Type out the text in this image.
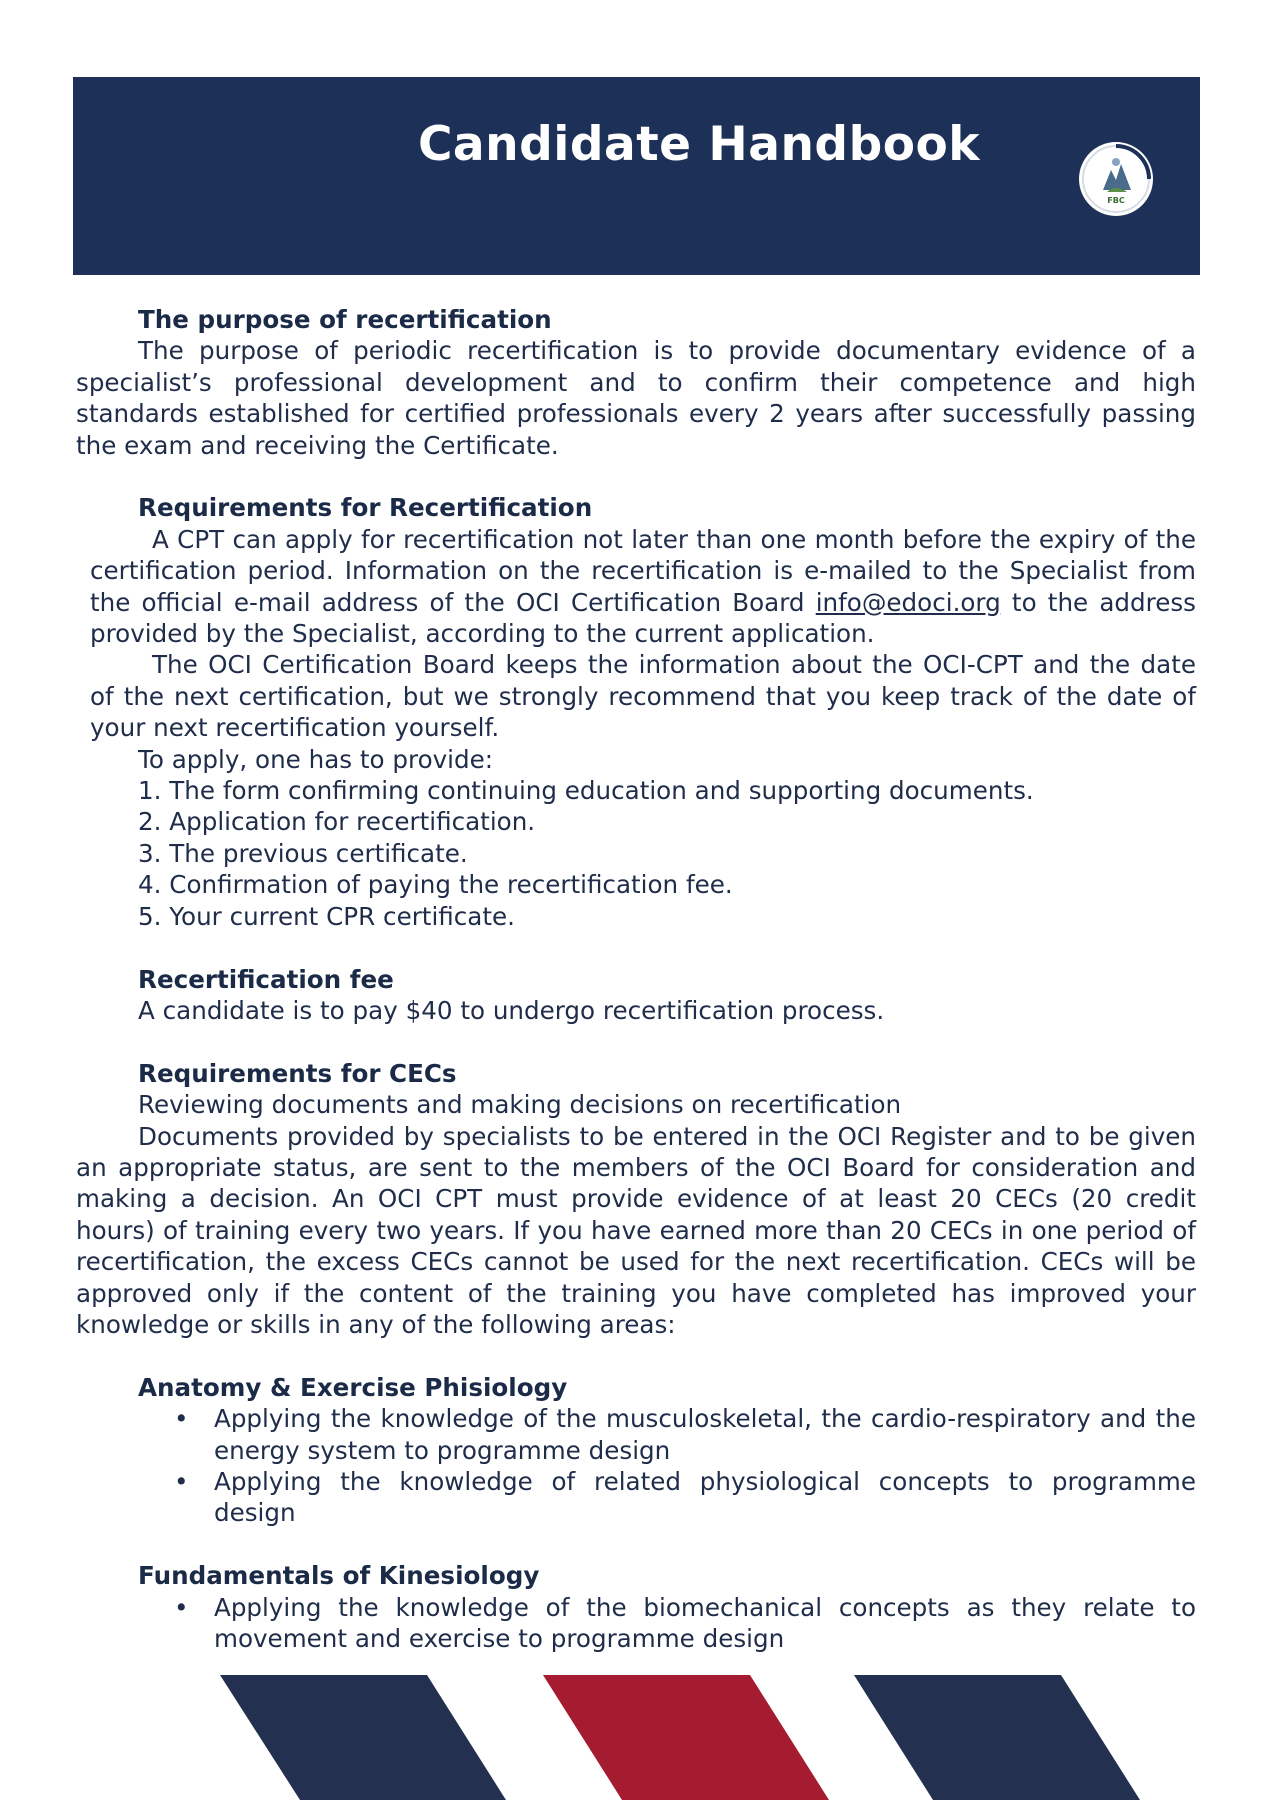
Candidate Handbook
FBC

The purpose of recertification

The purpose of periodic recertification is to provide documentary evidence of a specialist’s professional development and to confirm their competence and high standards established for certified professionals every 2 years after successfully passing the exam and receiving the Certificate.

Requirements for Recertification

A CPT can apply for recertification not later than one month before the expiry of the certification period. Information on the recertification is e-mailed to the Specialist from the official e-mail address of the OCI Certification Board info@edoci.org to the address provided by the Specialist, according to the current application.

The OCI Certification Board keeps the information about the OCI-CPT and the date of the next certification, but we strongly recommend that you keep track of the date of your next recertification yourself.

To apply, one has to provide:

1. The form confirming continuing education and supporting documents.

2. Application for recertification.

3. The previous certificate.

4. Confirmation of paying the recertification fee.

5. Your current CPR certificate.

Recertification fee

A candidate is to pay $40 to undergo recertification process.

Requirements for CECs

Reviewing documents and making decisions on recertification

Documents provided by specialists to be entered in the OCI Register and to be given an appropriate status, are sent to the members of the OCI Board for consideration and making a decision. An OCI CPT must provide evidence of at least 20 CECs (20 credit hours) of training every two years. If you have earned more than 20 CECs in one period of recertification, the excess CECs cannot be used for the next recertification. CECs will be approved only if the content of the training you have completed has improved your knowledge or skills in any of the following areas:

Anatomy & Exercise Phisiology

• Applying the knowledge of the musculoskeletal, the cardio-respiratory and the energy system to programme design
• Applying the knowledge of related physiological concepts to programme design

Fundamentals of Kinesiology

• Applying the knowledge of the biomechanical concepts as they relate to movement and exercise to programme design
